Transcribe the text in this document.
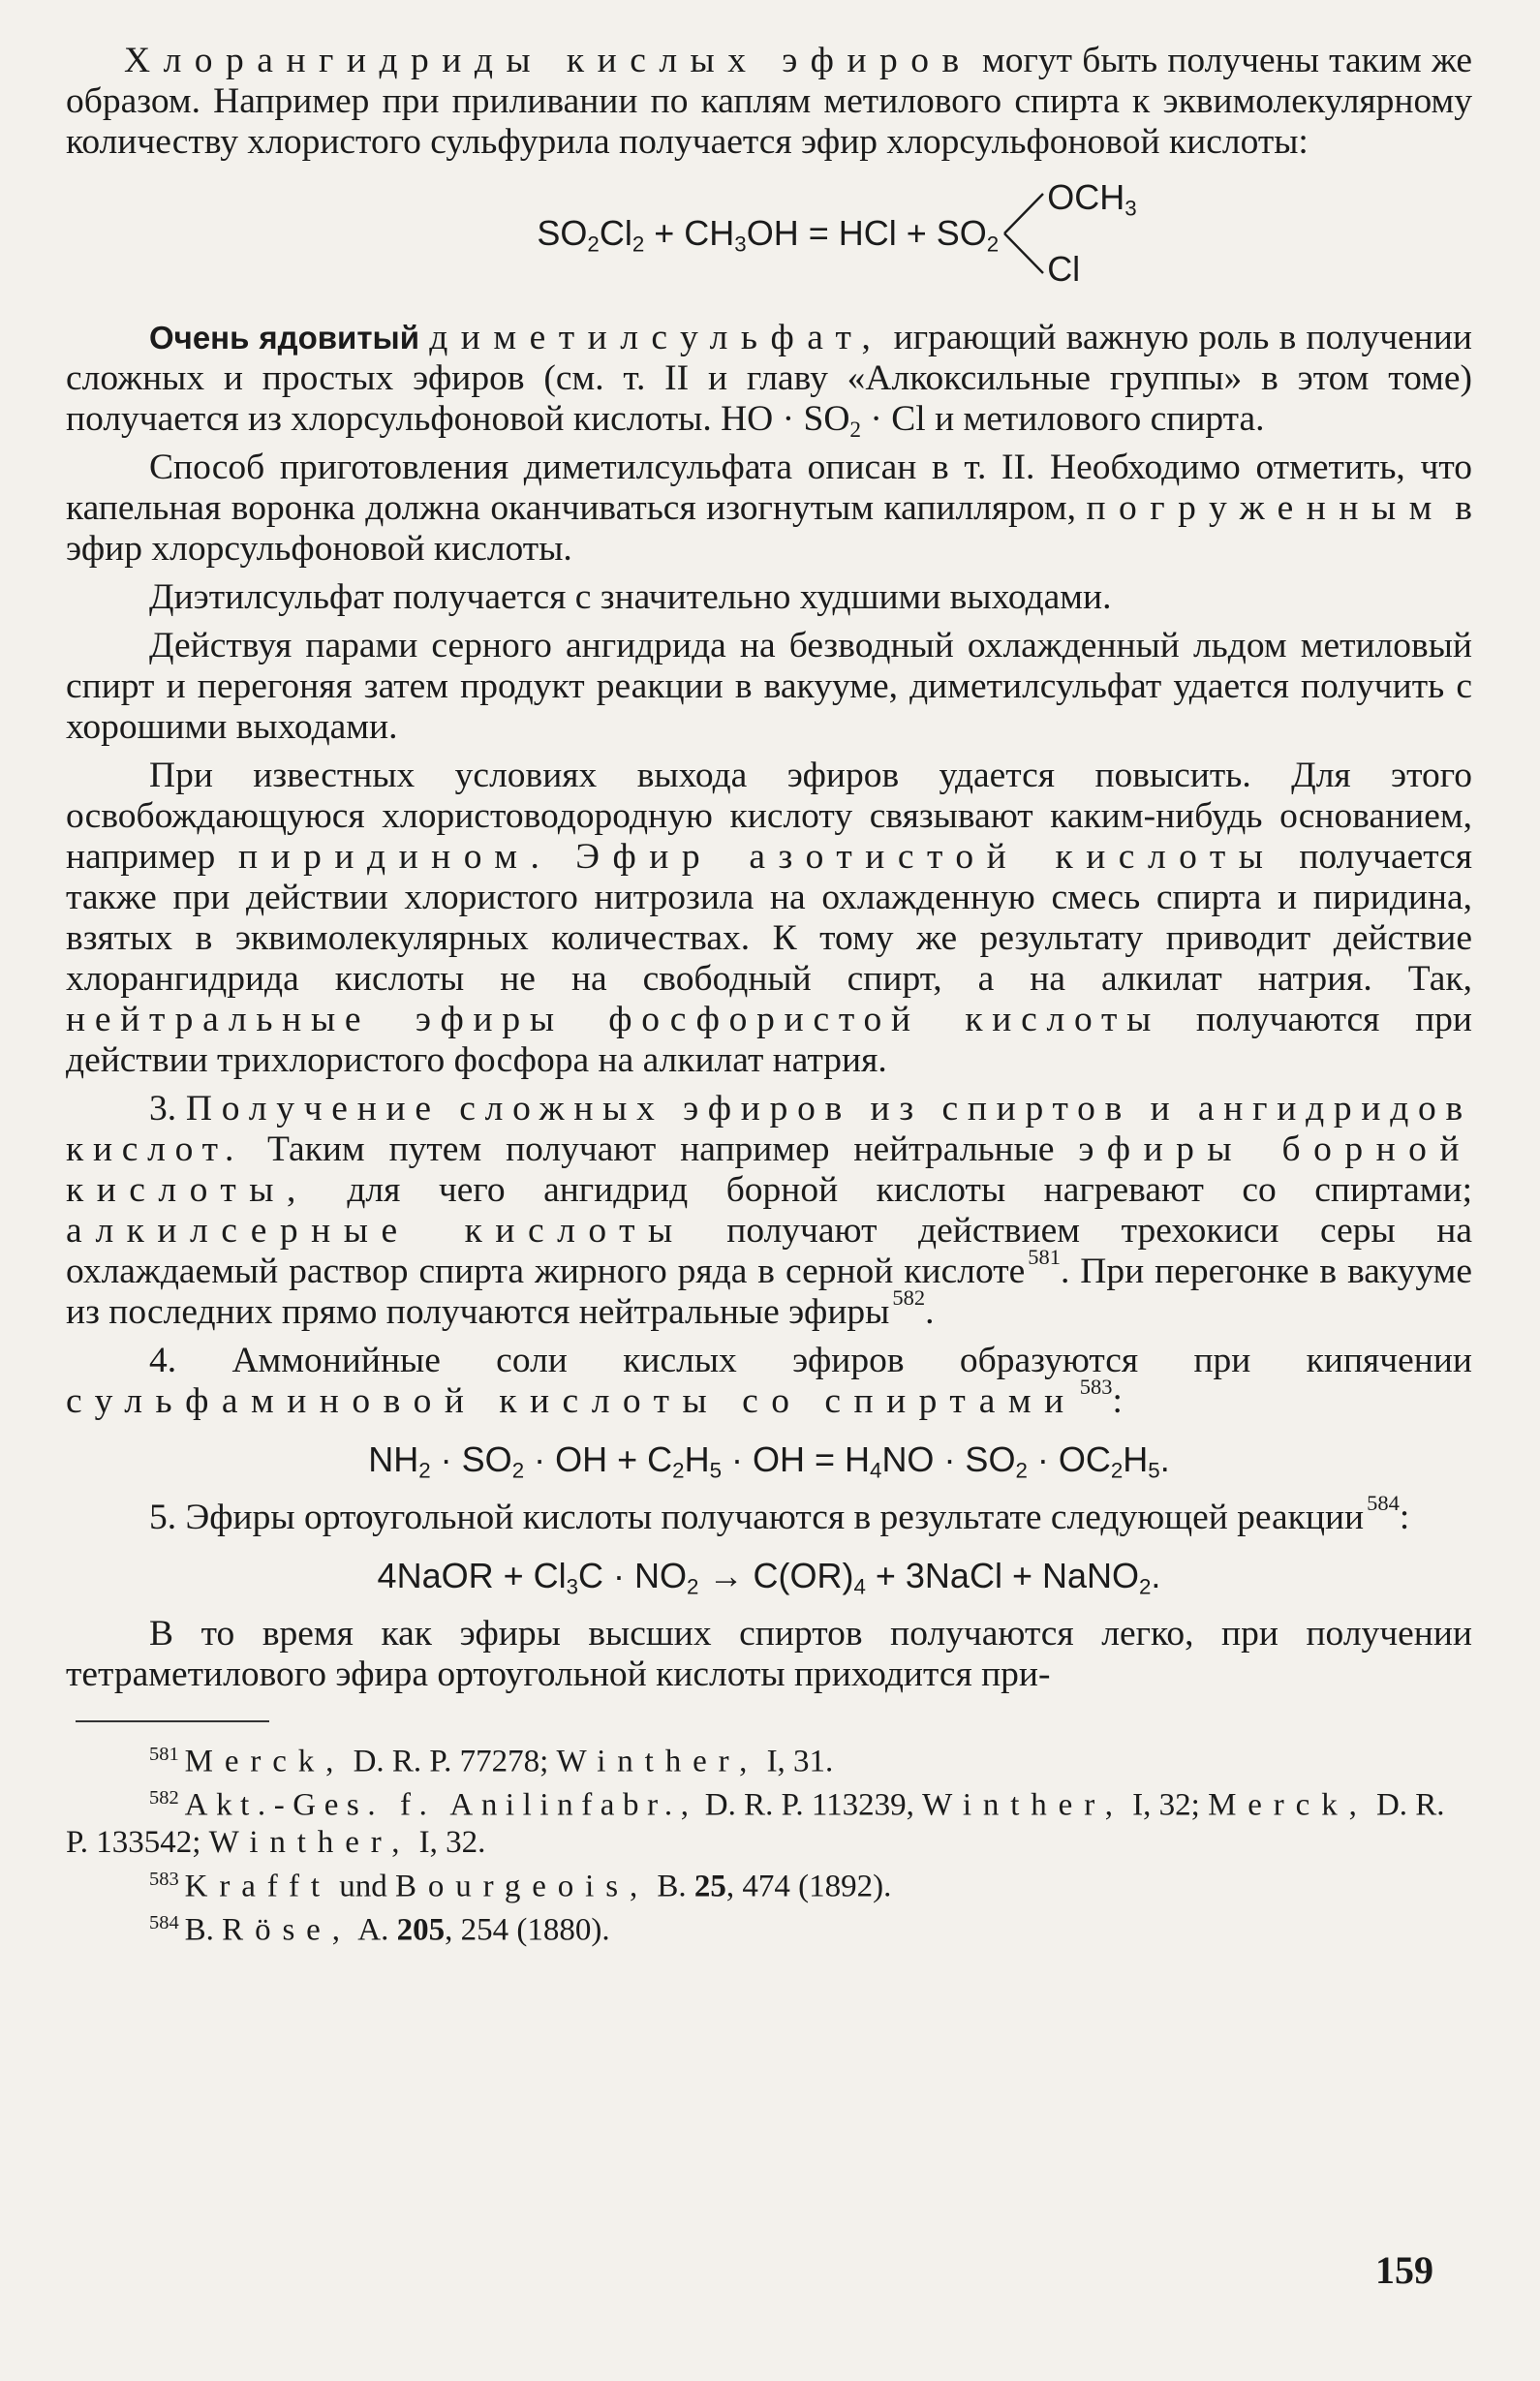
Хлорангидриды кислых эфиров могут быть получены таким же образом. Например при приливании по каплям метилового спирта к эквимолекулярному количеству хлористого сульфурила получается эфир хлорсульфоновой кислоты:

$SO_2Cl_2 + CH_3OH$ = HCl + $SO_2$
$OCH_3$
Cl

Очень ядовитый диметилсульфат, играющий важную роль в получении сложных и простых эфиров (см. т. II и главу «Алкоксильные группы» в этом томе) получается из хлорсульфоновой кислоты. HO · $SO_2 \cdot Cl$ и метилового спирта.

Способ приготовления диметилсульфата описан в т. II. Необходимо отметить, что капельная воронка должна оканчиваться изогнутым капилляром, погруженным в эфир хлорсульфоновой кислоты.

Диэтилсульфат получается с значительно худшими выходами.

Действуя парами серного ангидрида на безводный охлажденный льдом метиловый спирт и перегоняя затем продукт реакции в вакууме, диметилсульфат удается получить с хорошими выходами.

При известных условиях выхода эфиров удается повысить. Для этого освобождающуюся хлористоводородную кислоту связывают каким-нибудь основанием, например пиридином. Эфир азотистой кислоты получается также при действии хлористого нитрозила на охлажденную смесь спирта и пиридина, взятых в эквимолекулярных количествах. К тому же результату приводит действие хлорангидрида кислоты не на свободный спирт, а на алкилат натрия. Так, нейтральные эфиры фосфористой кислоты получаются при действии трихлористого фосфора на алкилат натрия.

3. Получение сложных эфиров из спиртов и ангидридов кислот. Таким путем получают например нейтральные эфиры борной кислоты, для чего ангидрид борной кислоты нагревают со спиртами; алкилсерные кислоты получают действием трехокиси серы на охлаждаемый раствор спирта жирного ряда в серной кислоте $^{581}$. При перегонке в вакууме из последних прямо получаются нейтральные эфиры $^{582}$.

4. Аммонийные соли кислых эфиров образуются при кипячении сульфаминовой кислоты со спиртами $^{583}$:

$NH_2 \cdot SO_2$ · OH + $C_2H_5$ · OH = $H_4NO \cdot SO_2 \cdot OC_2H_5$.

5. Эфиры ортоугольной кислоты получаются в результате следующей реакции $^{584}$:

4NaOR + $Cl_3C \cdot NO_2 \to C(OR)_4$ + 3NaCl + NaNO$_2$.

В то время как эфиры высших спиртов получаются легко, при получении тетраметилового эфира ортоугольной кислоты приходится при-

$^{581}$ Merck, D. R. P. 77278; Winther, I, 31.

$^{582}$ Akt.-Ges. f. Anilinfabr., D. R. P. 113239, Winther, I, 32; Merck, D. R. P. 133542; Winther, I, 32.

$^{583}$ Krafft und Bourgeois, B. 25, 474 (1892).

$^{584}$ B. Röse, A. 205, 254 (1880).

159
